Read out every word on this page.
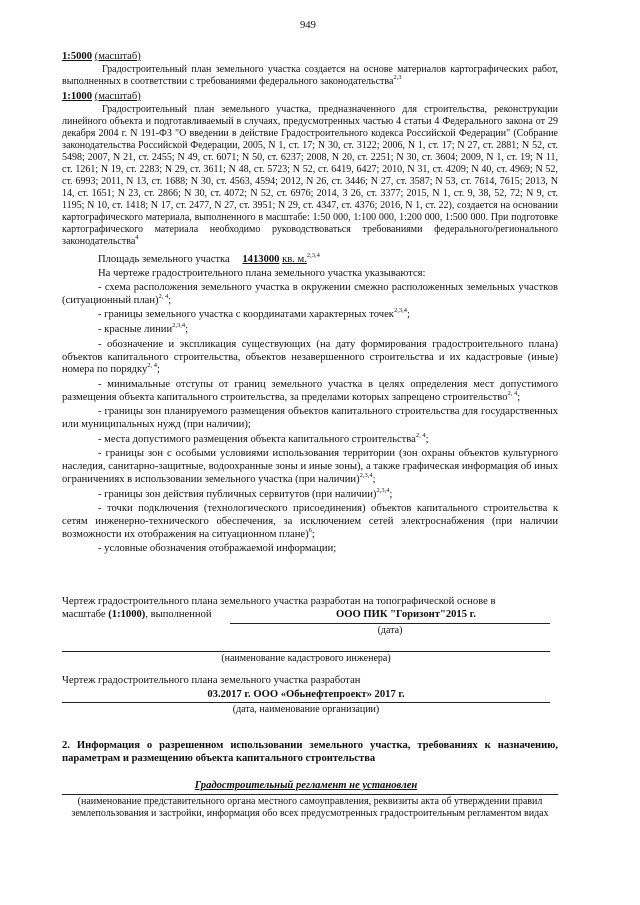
949
1:5000 (масштаб)
Градостроительный план земельного участка создается на основе материалов картографических работ, выполненных в соответствии с требованиями федерального законодательства$^{2,3}$
1:1000 (масштаб)
Градостроительный план земельного участка, предназначенного для строительства, реконструкции линейного объекта и подготавливаемый в случаях, предусмотренных частью 4 статьи 4 Федерального закона от 29 декабря 2004 г. N 191-ФЗ "О введении в действие Градостроительного кодекса Российской Федерации" (Собрание законодательства Российской Федерации, 2005, N 1, ст. 17; N 30, ст. 3122; 2006, N 1, ст. 17; N 27, ст. 2881; N 52, ст. 5498; 2007, N 21, ст. 2455; N 49, ст. 6071; N 50, ст. 6237; 2008, N 20, ст. 2251; N 30, ст. 3604; 2009, N 1, ст. 19; N 11, ст. 1261; N 19, ст. 2283; N 29, ст. 3611; N 48, ст. 5723; N 52, ст. 6419, 6427; 2010, N 31, ст. 4209; N 40, ст. 4969; N 52, ст. 6993; 2011, N 13, ст. 1688; N 30, ст. 4563, 4594; 2012, N 26, ст. 3446; N 27, ст. 3587; N 53, ст. 7614, 7615; 2013, N 14, ст. 1651; N 23, ст. 2866; N 30, ст. 4072; N 52, ст. 6976; 2014, 3 26, ст. 3377; 2015, N 1, ст. 9, 38, 52, 72; N 9, ст. 1195; N 10, ст. 1418; N 17, ст. 2477, N 27, ст. 3951; N 29, ст. 4347, ст. 4376; 2016, N 1, ст. 22), создается на основании картографического материала, выполненного в масштабе: 1:50 000, 1:100 000, 1:200 000, 1:500 000. При подготовке картографического материала необходимо руководствоваться требованиями федерального/регионального законодательства$^4$
Площадь земельного участка 1413000 кв. м.$^{2,3,4}$
На чертеже градостроительного плана земельного участка указываются:
- схема расположения земельного участка в окружении смежно расположенных земельных участков (ситуационный план)$^{2, 4}$;
- границы земельного участка с координатами характерных точек$^{2,3,4}$;
- красные линии$^{2,3,4}$;
- обозначение и экспликация существующих (на дату формирования градостроительного плана) объектов капитального строительства, объектов незавершенного строительства и их кадастровые (иные) номера по порядку$^{2, 4}$;
- минимальные отступы от границ земельного участка в целях определения мест допустимого размещения объекта капитального строительства, за пределами которых запрещено строительство$^{2, 4}$;
- границы зон планируемого размещения объектов капитального строительства для государственных или муниципальных нужд (при наличии);
- места допустимого размещения объекта капитального строительства$^{2, 4}$;
- границы зон с особыми условиями использования территории (зон охраны объектов культурного наследия, санитарно-защитные, водоохранные зоны и иные зоны), а также графическая информация об иных ограничениях в использовании земельного участка (при наличии)$^{2,3,4}$;
- границы зон действия публичных сервитутов (при наличии)$^{2,3,4}$;
- точки подключения (технологического присоединения) объектов капитального строительства к сетям инженерно-технического обеспечения, за исключением сетей электроснабжения (при наличии возможности их отображения на ситуационном плане)$^6$;
- условные обозначения отображаемой информации;
Чертеж градостроительного плана земельного участка разработан на топографической основе в
масштабе (1:1000), выполненной	ООО ПИК "Горизонт"2015 г.
(дата)
(наименование кадастрового инженера)
Чертеж градостроительного плана земельного участка разработан
03.2017 г. ООО «Обьнефтепроект» 2017 г.
(дата, наименование организации)
2. Информация о разрешенном использовании земельного участка, требованиях к назначению, параметрам и размещению объекта капитального строительства
Градостроительный регламент не установлен
(наименование представительного органа местного самоуправления, реквизиты акта об утверждении правил землепользования и застройки, информация обо всех предусмотренных градостроительным регламентом видах
